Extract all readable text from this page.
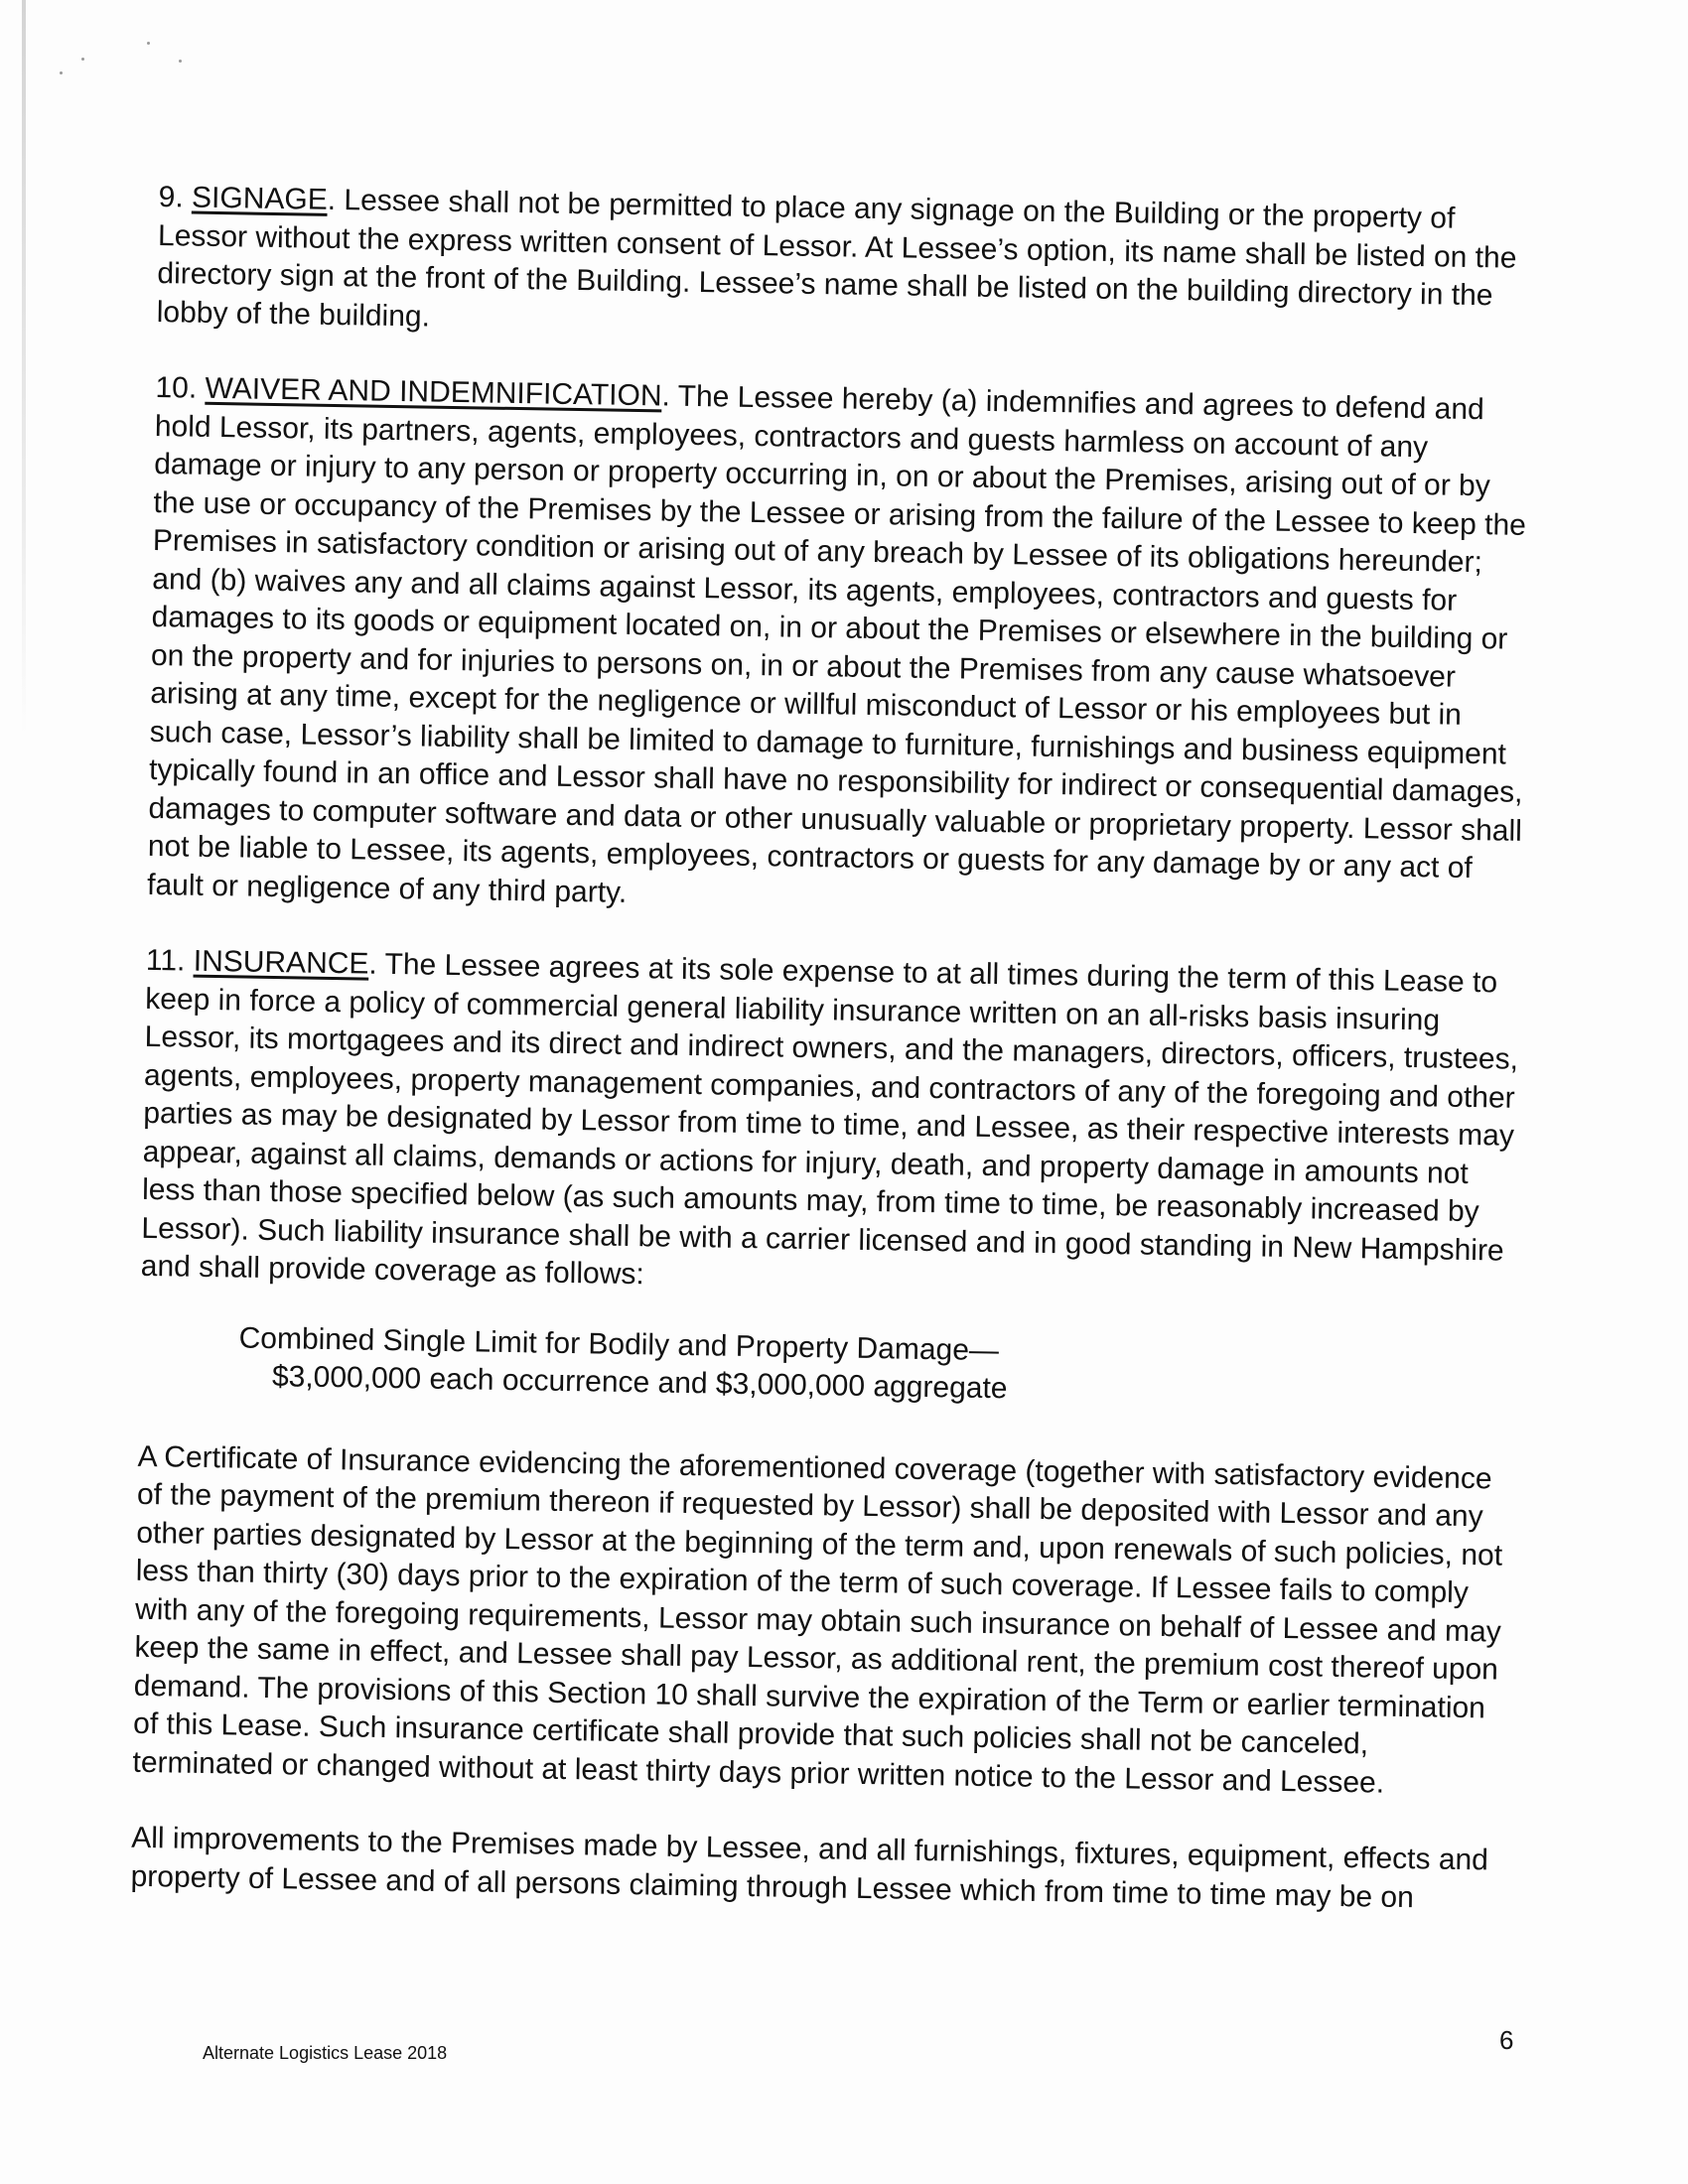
9. SIGNAGE. Lessee shall not be permitted to place any signage on the Building or the property of Lessor without the express written consent of Lessor. At Lessee’s option, its name shall be listed on the directory sign at the front of the Building. Lessee’s name shall be listed on the building directory in the lobby of the building.

10. WAIVER AND INDEMNIFICATION. The Lessee hereby (a) indemnifies and agrees to defend and hold Lessor, its partners, agents, employees, contractors and guests harmless on account of any damage or injury to any person or property occurring in, on or about the Premises, arising out of or by the use or occupancy of the Premises by the Lessee or arising from the failure of the Lessee to keep the Premises in satisfactory condition or arising out of any breach by Lessee of its obligations hereunder; and (b) waives any and all claims against Lessor, its agents, employees, contractors and guests for damages to its goods or equipment located on, in or about the Premises or elsewhere in the building or on the property and for injuries to persons on, in or about the Premises from any cause whatsoever arising at any time, except for the negligence or willful misconduct of Lessor or his employees but in such case, Lessor’s liability shall be limited to damage to furniture, furnishings and business equipment typically found in an office and Lessor shall have no responsibility for indirect or consequential damages, damages to computer software and data or other unusually valuable or proprietary property. Lessor shall not be liable to Lessee, its agents, employees, contractors or guests for any damage by or any act of fault or negligence of any third party.

11. INSURANCE. The Lessee agrees at its sole expense to at all times during the term of this Lease to keep in force a policy of commercial general liability insurance written on an all-risks basis insuring Lessor, its mortgagees and its direct and indirect owners, and the managers, directors, officers, trustees, agents, employees, property management companies, and contractors of any of the foregoing and other parties as may be designated by Lessor from time to time, and Lessee, as their respective interests may appear, against all claims, demands or actions for injury, death, and property damage in amounts not less than those specified below (as such amounts may, from time to time, be reasonably increased by Lessor). Such liability insurance shall be with a carrier licensed and in good standing in New Hampshire and shall provide coverage as follows:

Combined Single Limit for Bodily and Property Damage—
$3,000,000 each occurrence and $3,000,000 aggregate

A Certificate of Insurance evidencing the aforementioned coverage (together with satisfactory evidence of the payment of the premium thereon if requested by Lessor) shall be deposited with Lessor and any other parties designated by Lessor at the beginning of the term and, upon renewals of such policies, not less than thirty (30) days prior to the expiration of the term of such coverage. If Lessee fails to comply with any of the foregoing requirements, Lessor may obtain such insurance on behalf of Lessee and may keep the same in effect, and Lessee shall pay Lessor, as additional rent, the premium cost thereof upon demand. The provisions of this Section 10 shall survive the expiration of the Term or earlier termination of this Lease. Such insurance certificate shall provide that such policies shall not be canceled, terminated or changed without at least thirty days prior written notice to the Lessor and Lessee.

All improvements to the Premises made by Lessee, and all furnishings, fixtures, equipment, effects and property of Lessee and of all persons claiming through Lessee which from time to time may be on

Alternate Logistics Lease 2018	6
